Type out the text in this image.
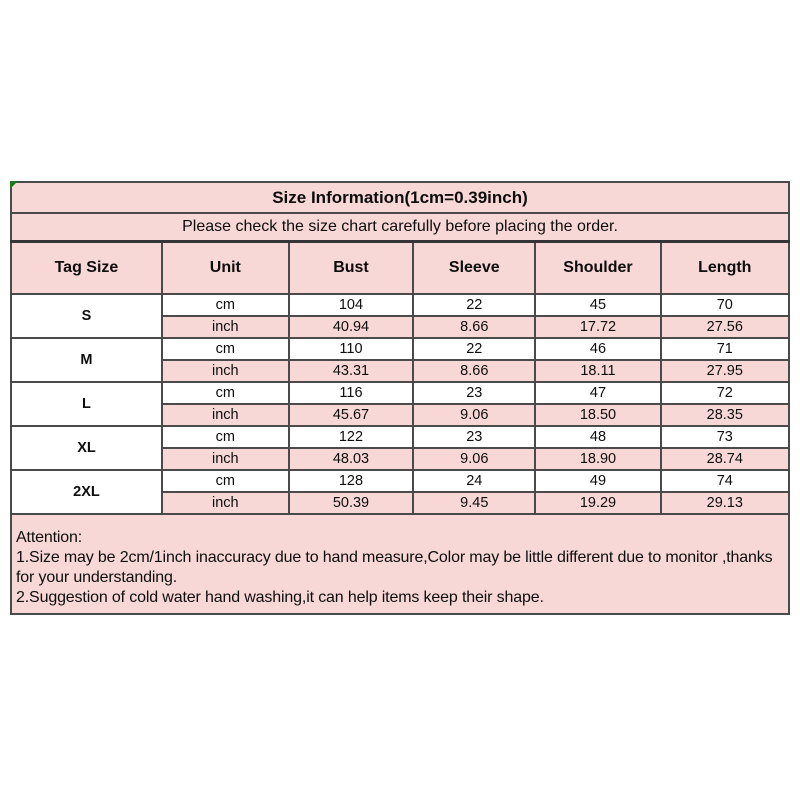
Size Information(1cm=0.39inch)					
Please check the size chart carefully before placing the order.					
Tag Size	Unit	Bust	Sleeve	Shoulder	Length
S	cm	104	22	45	70
	inch	40.94	8.66	17.72	27.56
M	cm	110	22	46	71
	inch	43.31	8.66	18.11	27.95
L	cm	116	23	47	72
	inch	45.67	9.06	18.50	28.35
XL	cm	122	23	48	73
	inch	48.03	9.06	18.90	28.74
2XL	cm	128	24	49	74
	inch	50.39	9.45	19.29	29.13

Attention:
1.Size may be 2cm/1inch inaccuracy due to hand measure,Color may be little different due to monitor ,thanks for your understanding.
2.Suggestion of cold water hand washing,it can help items keep their shape.					
